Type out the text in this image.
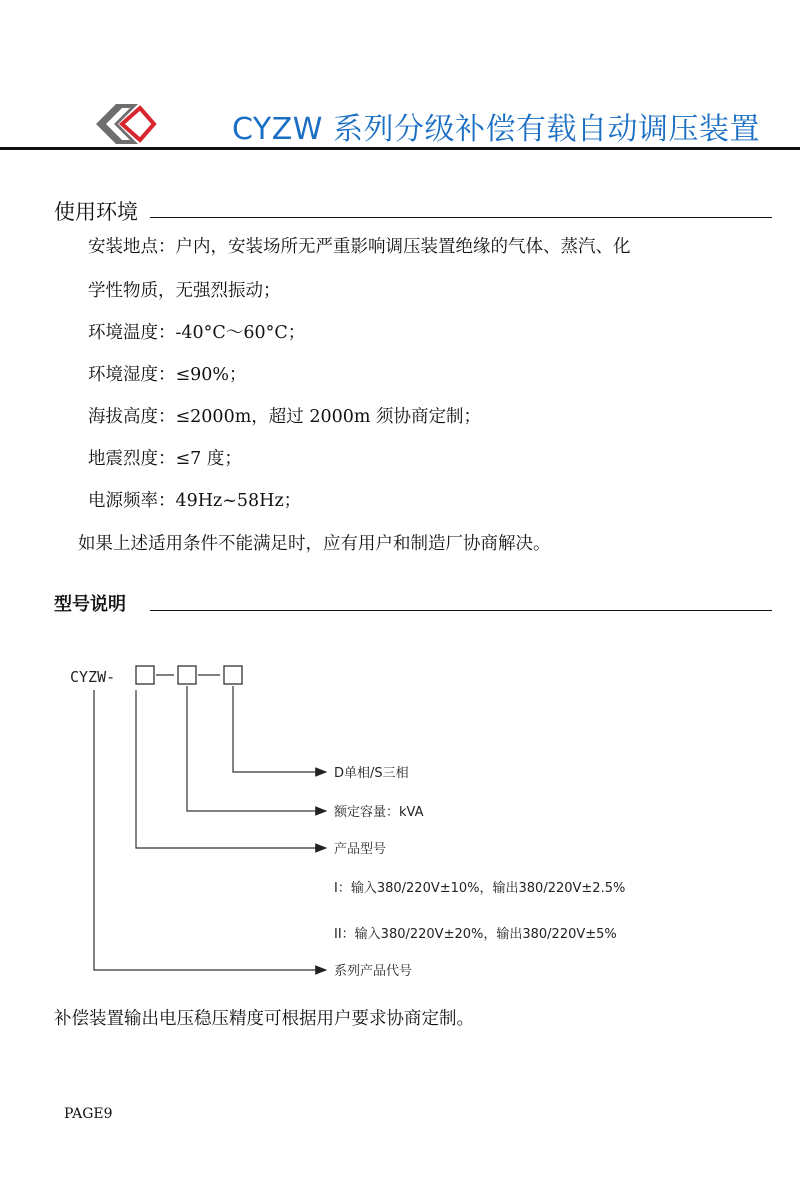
CYZW 系列分级补偿有载自动调压装置
使用环境
安装地点：户内，安装场所无严重影响调压装置绝缘的气体、蒸汽、化
学性物质，无强烈振动；
环境温度：-40°C～60°C；
环境湿度：≤90%；
海拔高度：≤2000m，超过 2000m 须协商定制；
地震烈度：≤7 度；
电源频率：49Hz~58Hz；
如果上述适用条件不能满足时，应有用户和制造厂协商解决。
型号说明
CYZW-
D单相/S三相
额定容量：kVA
产品型号
I：输入380/220V±10%，输出380/220V±2.5%
II：输入380/220V±20%，输出380/220V±5%
系列产品代号
补偿装置输出电压稳压精度可根据用户要求协商定制。
PAGE9
